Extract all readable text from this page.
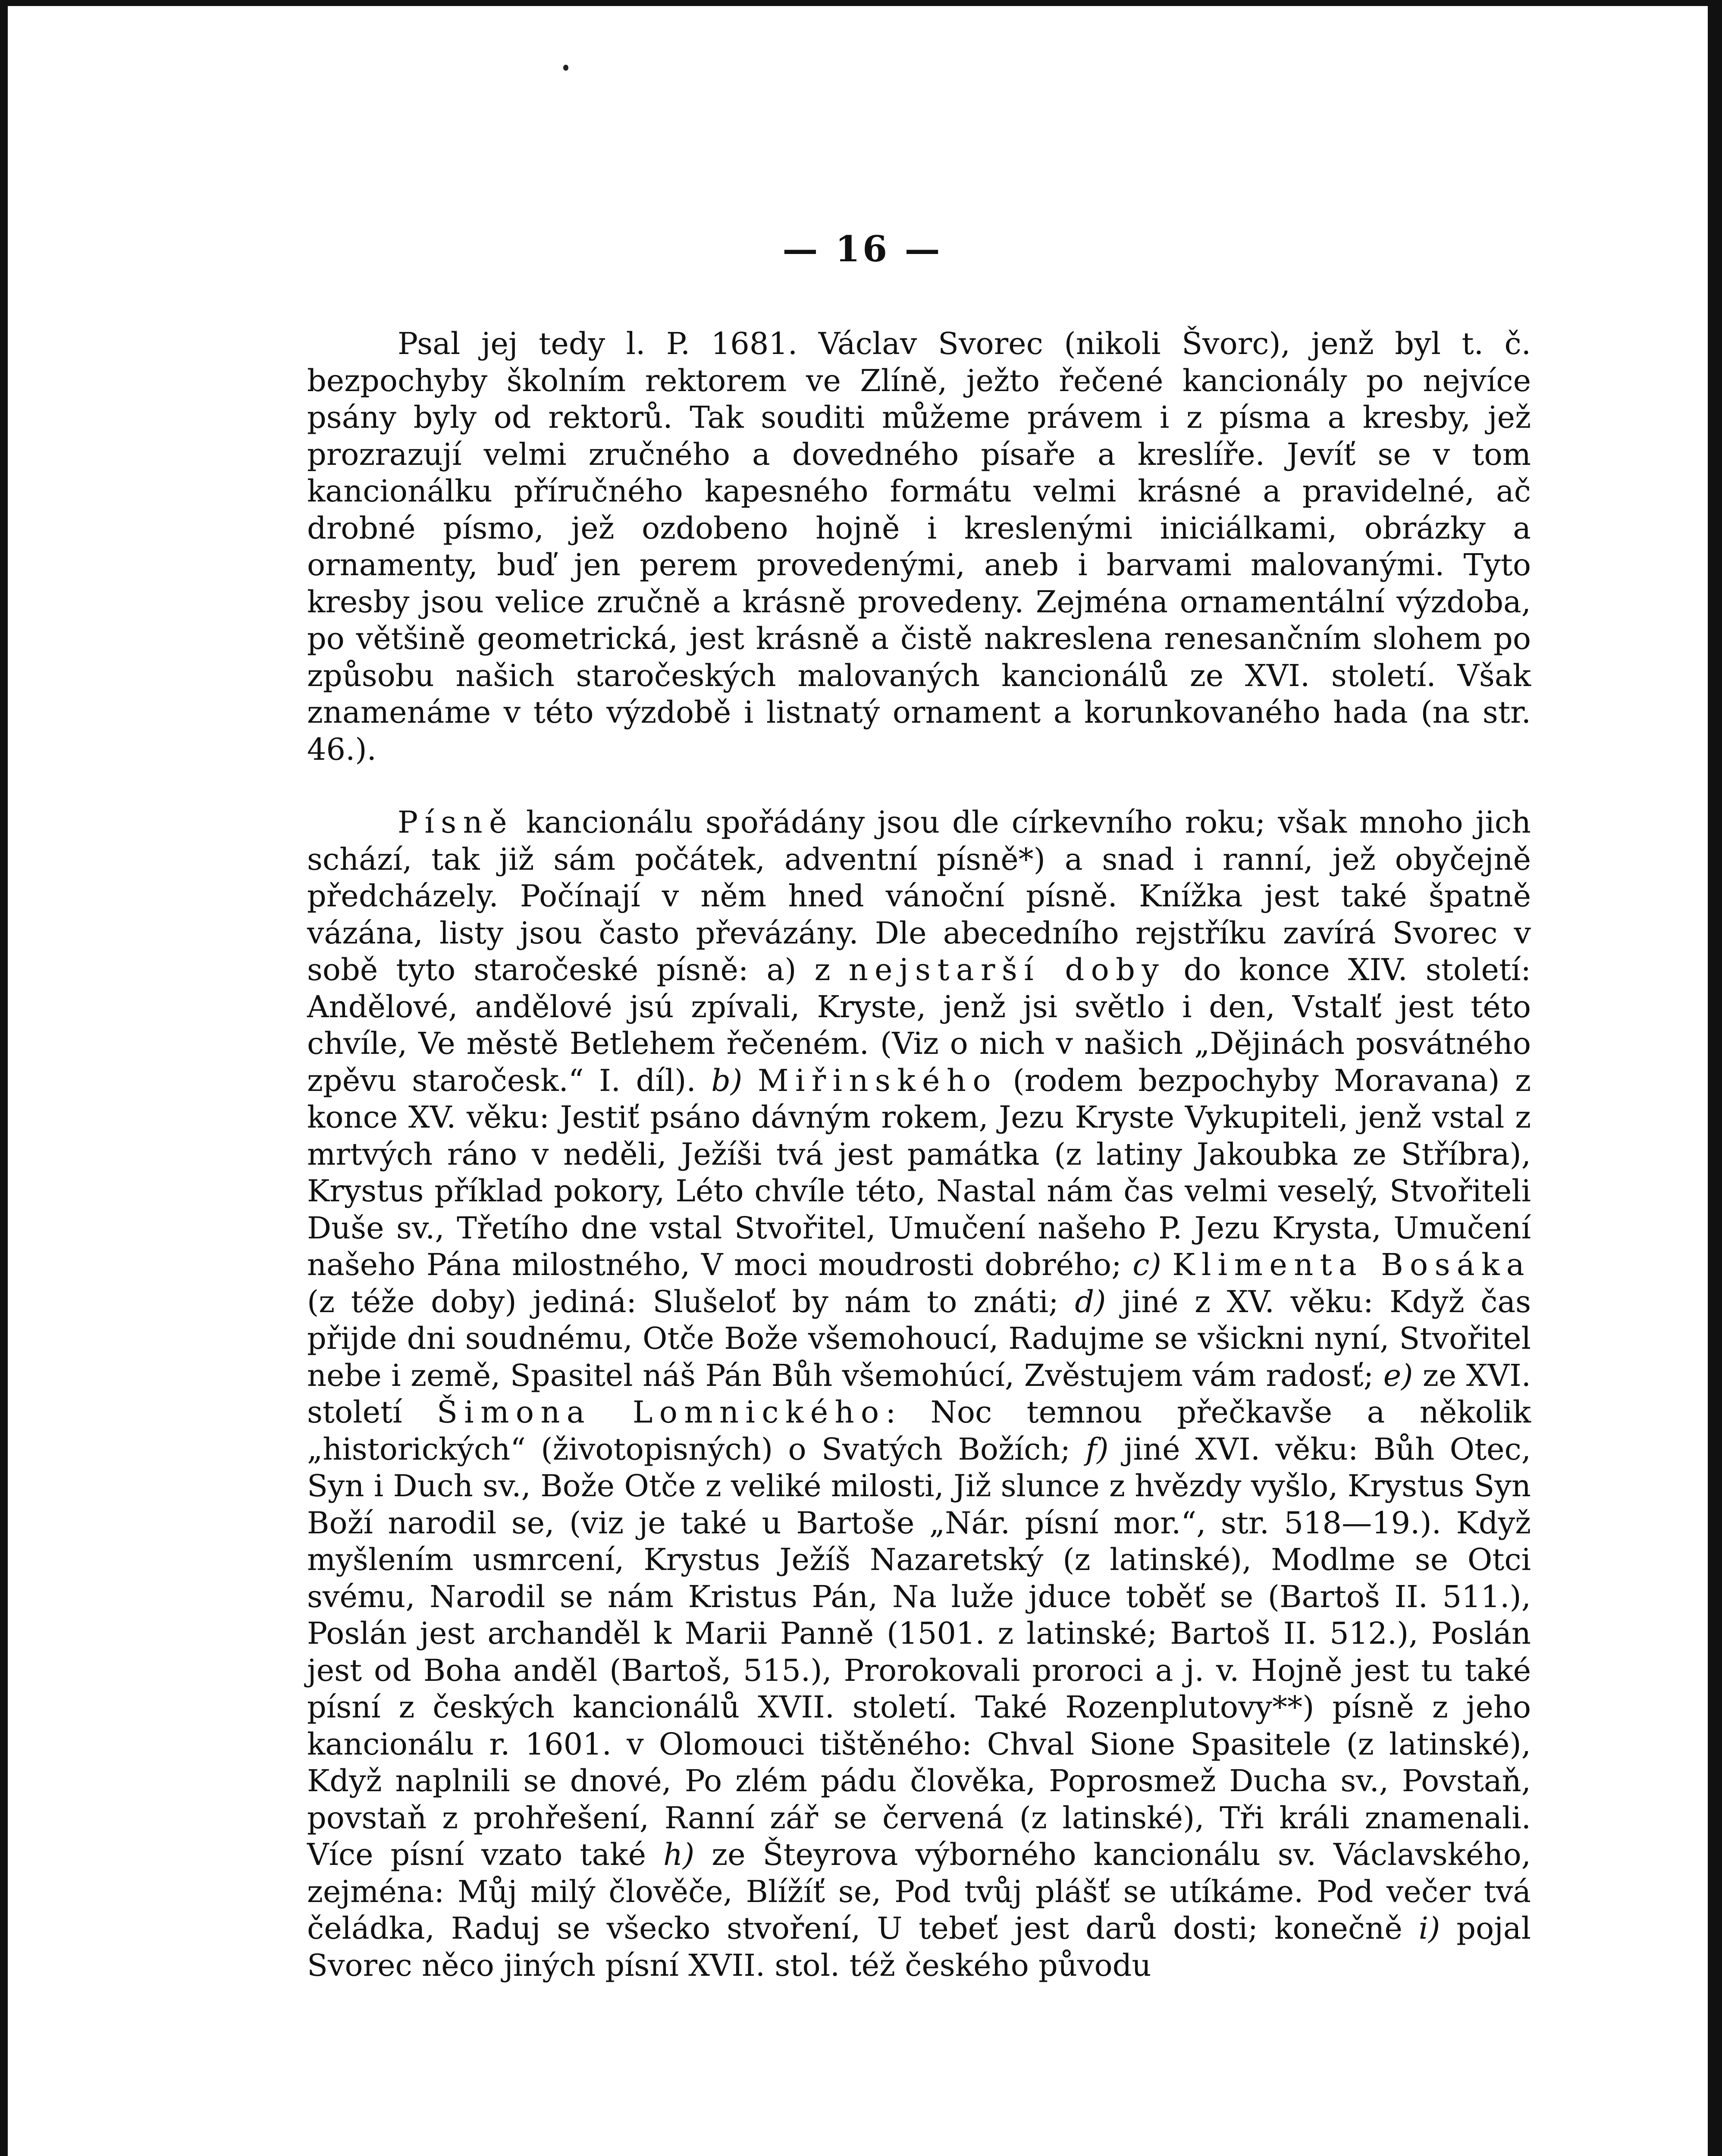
— 16 —

Psal jej tedy l. P. 1681. Václav Svorec (nikoli Švorc), jenž byl t. č. bezpochyby školním rektorem ve Zlíně, ježto řečené kancionály po nejvíce psány byly od rektorů. Tak souditi můžeme právem i z písma a kresby, jež prozrazují velmi zručného a dovedného písaře a kreslíře. Jevíť se v tom kancionálku příručného kapesného formátu velmi krásné a pravidelné, ač drobné písmo, jež ozdobeno hojně i kreslenými iniciálkami, obrázky a ornamenty, buď jen perem provedenými, aneb i barvami malovanými. Tyto kresby jsou velice zručně a krásně provedeny. Zejména ornamentální výzdoba, po většině geometrická, jest krásně a čistě nakreslena renesančním slohem po způsobu našich staročeských malovaných kancionálů ze XVI. století. Však znamenáme v této výzdobě i listnatý ornament a korunkovaného hada (na str. 46.).

Písně kancionálu spořádány jsou dle církevního roku; však mnoho jich schází, tak již sám počátek, adventní písně*) a snad i ranní, jež obyčejně předcházely. Počínají v něm hned vánoční písně. Knížka jest také špatně vázána, listy jsou často převázány. Dle abecedního rejstříku zavírá Svorec v sobě tyto staročeské písně: a) z nejstarší doby do konce XIV. století: Andělové, andělové jsú zpívali, Kryste, jenž jsi světlo i den, Vstalť jest této chvíle, Ve městě Betlehem řečeném. (Viz o nich v našich „Dějinách posvátného zpěvu staročesk.“ I. díl). b) Miřinského (rodem bezpochyby Moravana) z konce XV. věku: Jestiť psáno dávným rokem, Jezu Kryste Vykupiteli, jenž vstal z mrtvých ráno v neděli, Ježíši tvá jest památka (z latiny Jakoubka ze Stříbra), Krystus příklad pokory, Léto chvíle této, Nastal nám čas velmi veselý, Stvořiteli Duše sv., Třetího dne vstal Stvořitel, Umučení našeho P. Jezu Krysta, Umučení našeho Pána milostného, V moci moudrosti dobrého; c) Klimenta Bosáka (z téže doby) jediná: Slušeloť by nám to znáti; d) jiné z XV. věku: Když čas přijde dni soudnému, Otče Bože všemohoucí, Radujme se všickni nyní, Stvořitel nebe i země, Spasitel náš Pán Bůh všemohúcí, Zvěstujem vám radosť; e) ze XVI. století Šimona Lomnického: Noc temnou přečkavše a několik „historických“ (životopisných) o Svatých Božích; f) jiné XVI. věku: Bůh Otec, Syn i Duch sv., Bože Otče z veliké milosti, Již slunce z hvězdy vyšlo, Krystus Syn Boží narodil se, (viz je také u Bartoše „Nár. písní mor.“, str. 518—19.). Když myšlením usmrcení, Krystus Ježíš Nazaretský (z latinské), Modlme se Otci svému, Narodil se nám Kristus Pán, Na luže jduce toběť se (Bartoš II. 511.), Poslán jest archanděl k Marii Panně (1501. z latinské; Bartoš II. 512.), Poslán jest od Boha anděl (Bartoš, 515.), Prorokovali proroci a j. v. Hojně jest tu také písní z českých kancionálů XVII. století. Také Rozenplutovy**) písně z jeho kancionálu r. 1601. v Olomouci tištěného: Chval Sione Spasitele (z latinské), Když naplnili se dnové, Po zlém pádu člověka, Poprosmež Ducha sv., Povstaň, povstaň z prohřešení, Ranní zář se červená (z latinské), Tři králi znamenali. Více písní vzato také h) ze Šteyrova výborného kancionálu sv. Václavského, zejména: Můj milý člověče, Blížíť se, Pod tvůj plášť se utíkáme. Pod večer tvá čeládka, Raduj se všecko stvoření, U tebeť jest darů dosti; konečně i) pojal Svorec něco jiných písní XVII. stol. též českého původu
